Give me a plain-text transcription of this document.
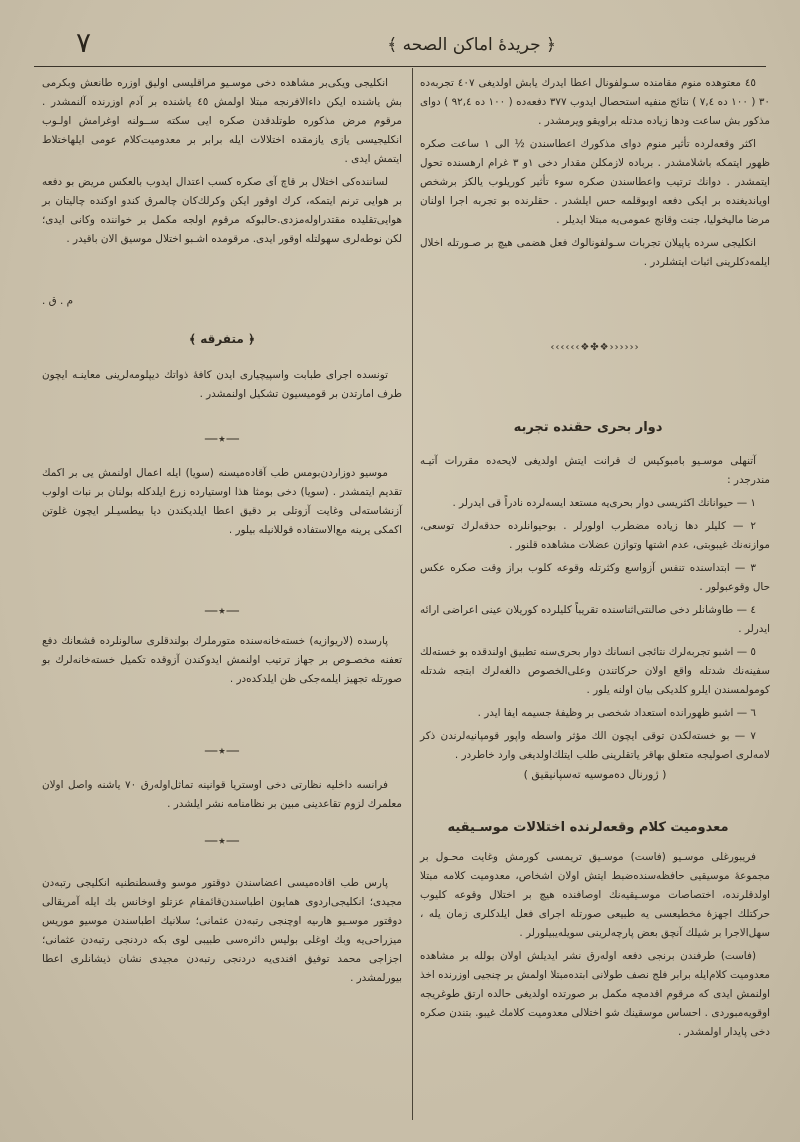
٧	﴿ جريدۀ اماكن الصحه ﴾

٤٥ معتوهده منوم مقامنده سـولفونال اعطا ايدرك يابش اولديغى ٤٠٧ تجربه‌ده ٣٠ ( ١٠٠ ده ٧,٤ ) نتائج منفيه استحصال ايدوب ٣٧٧ دفعه‌ده ( ١٠٠ ده ٩٢,٤ ) دوای مذکور بش ساعت ودها زياده مدتله براويقو ويرمشدر .

اكثر وقعه‌لرده تأثير منوم دوای مذكورك اعطاسندن ½ الى ١ ساعت صكره ظهور ايتمكه باشلامشدر . برباده لازمكلن مقدار دخى ١و ٣ غرام ارهسنده تحول ايتمشدر . دوانك ترتيب واعطاسندن صكره سوء تأثير كوريلوب يالكز برشخص اويانديغنده بر ايكى دفعه اوبوقلمه حس ايلشدر . حقلرنده بو تجربه اجرا اولنان مرضا ماليخوليا، جنت وقانج عمومى‌يه مبتلا ايديلر .

انكليجى سرده ياپيلان تجربات سـولفونالوك فعل هضمى هيچ بر صـورتله اخلال ايلمه‌دكلرينى اثبات ايتشلردر .

‹‹‹‹‹‹❖✤❖››››››

دوار بحرى حقنده تجربه

آتنهلى موسـيو بامبوكيس ك قرانت ايتش اولديغى لايحه‌ده مقررات آتيـه مندرجدر :

١ — حيوانانك اكثريسى دوار بحرى‌يه مستعد ايسه‌لرده نادراً قى ايدرلر .

٢ — كليلر دها زياده مضطرب اولورلر . بوحيوانلرده حدقه‌لرك توسعى، موازنه‌نك غيبوبتى، عدم اشتها وتوازن عضلات مشاهده قلنور .

٣ — ابتداسنده تنفس آزواسع وكثرتله وقوعه كلوب براز وقت صكره عكس حال وقوعبولور .

٤ — طاوشانلر دخى صالنتى‌اثناسنده تقريباً كليلرده كوريلان عينى اعراضى ارائه ايدرلر .

٥ — اشبو تجربه‌لرك نتائجى انسانك دوار بحرى‌سنه تطبيق اولندقده بو خسته‌لك سفينه‌نك شدتله واقع اولان حركاتندن وعلى‌الخصوص دالغه‌لرك ابتجه شدتله كومولمسندن ايلرو كلديكى بيان اولنه يلور .

٦ — اشبو ظهورانده استعداد شخصى بر وظيفۀ جسيمه ايفا ايدر .

٧ — بو خسته‌لكدن توقى ايچون الك مؤثر واسطه واپور قومپانيه‌لرندن ذكر لامه‌لرى اصوليجه متعلق بهاقر ياتقلرينى طلب ايتلك‌اولدیغى وارد خاطردر .

( ژورنال دەموسیه تەسپانیقیق )

معدوميت كلام وقعه‌لرنده اختلالات موسـيقيه

فريبورغلى موسـيو (فاست) موسـيق تريمسى كورمش وغايت محـول بر مجموعۀ موسيقيى حافظه‌سنده‌ضبط ايتش اولان اشخاص، معدوميت كلامه مبتلا اولدقلرنده، اختصاصات موسـيقيه‌نك اوصافنده هيچ بر اختلال وقوعه كليوب حركتلك اجهزۀ مخطيعسى يه طبيعى صورتله اجراى فعل ايلدكلرى زمان يله ، سهل‌الاجرا بر شيلك آنچق بعض پارچه‌لرينى سويله‌يبيلورلر .

(فاست) طرفندن برنجى دفعه اولەرق نشر ايديلش اولان بولله بر مشاهده معدوميت كلام‌ايله برابر فلج نصف طولانى ابتده‌مبتلا اولمش بر چنجيى اوزرنده اخذ اولنمش ايدى كه مرقوم اقدمچه مكمل بر صورتده اولديغى حالده ارتق طوغريجه اوقويه‌مبوردى . احساس موسقينك شو اختلالى معدوميت كلامك غيبو. بتندن صكره دخى پايدار اولمشدر .

انكليجى ويكى‌بر مشاهده دخى موسـيو مراقليسى اوليق اوزره طانعش وبكرمى بش ياشنده ايكن داءالافرنجه مبتلا اولمش ٤٥ ياشنده بر آدم اوزرنده آلنمشدر . مرقوم مرض مذكوره طوتلدقدن صكره ايى سكته ســولنه اوغرامش اولـوب انكليجيسى يازى يازمقده اختلالات ايله برابر بر معدوميت‌كلام عومى ايلهاختلاط ايتمش ايدى .

لساننده‌كى اختلال بر قاچ آى صكره كسب اعتدال ايدوب بالعكس مريض بو دفعه بر هوايى ترنم ايتمكه، كرك اوقور ايكن وكرلك‌كان چالمرق كندو اوكنده چاليتان بر هوايى‌تقليده مقتدراولەمزدى.حالبوكه مرقوم اولجه مكمل بر خواننده وكانى ايدى؛ لكن نوطه‌لرى سهولتله اوقور ايدى. مرقومده اشـبو اختلال موسيق الان باقيدر .

م . ق .
﴿ متفرقه ﴾

تونسده اجراى طبابت واسپيچيارى ايدن كافۀ ذواتك ديپلومەلرينى معاينـه ايچون طرف امارتدن بر قومیسیون تشكيل اولنمشدر .

—٭—

موسيو دوزاردن‌بومس طب آقاده‌ميسنه (سويا) ايله اعمال اولنمش يى بر اكمك تقديم ايتمشدر . (سويا) دخى بومثا هذا اوستيارده زرع ايلدكله بولنان بر نبات اولوب آزنشاسته‌لى وغايت آزوتلى بر دقيق اعطا ايلديكندن ديا بيطسيـلر ايچون غلوتن اكمكى يرينه مع‌الاستفاده قوللانيله بيلور .

—٭—

پارسده (لاريوازيه) خسته‌خانه‌سنده متورملرك بولندقلرى سالونلرده قشعانك دفع تعفنه مخصـوص بر جهاز ترتيب اولنمش ايدوكندن آزوقده تكميل خسته‌خانه‌لرك بو صورتله تجهيز ايلمه‌جكى ظن ايلدكده‌در .

—٭—

فرانسه داخليه نظارتى دخى اوستريا قوانينه تماثل‌اولەرق ٧٠ ياشنه واصل اولان معلمرك لزوم تقاعدينى مبين بر نظامنامه نشر ايلشدر .

—٭—

پارس طب اقاده‌ميسى اعضاسندن دوقتور موسو وقسطنطنيه انكليجى رتبه‌دن مجيدى؛ انكليجى‌اردوى همايون اطباسندن‌قائمقام عزتلو اوخانس بك ايله آمريقالى دوقتور موسـيو هارىيه اوچنجى رتبه‌دن عثمانى؛ سلانيك اطباسندن موسيو موريس ميزراحى‌يه وبك اوغلى بوليس دائرەسى طبيبى لوى بكه دردنجى رتبه‌دن عثمانى؛ اجزاجى محمد توفيق افندى‌يه دردنجى رتبه‌دن مجيدى نشان ذيشانلرى اعطا بيورلمشدر .
